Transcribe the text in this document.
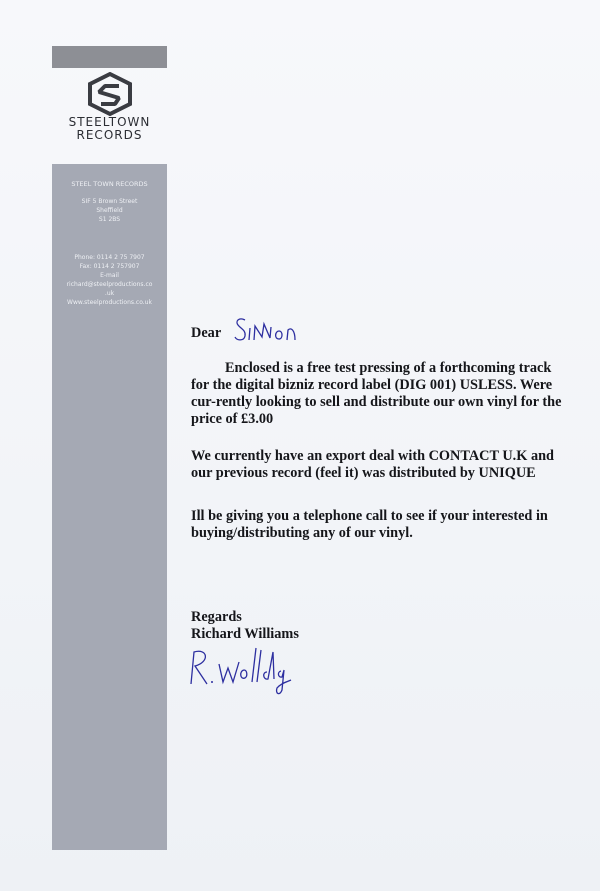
STEELTOWN
RECORDS
STEEL TOWN RECORDS
SIF 5 Brown Street
Sheffield
S1 2BS
Phone: 0114 2 75 7907
Fax: 0114 2 757907
E-mail
richard@steelproductions.co
.uk
Www.steelproductions.co.uk
Dear

Enclosed is a free test pressing of a forthcoming track for the digital bizniz record label (DIG 001) USLESS. Were cur-rently looking to sell and distribute our own vinyl for the price of £3.00

We currently have an export deal with CONTACT U.K and our previous record (feel it) was distributed by UNIQUE

Ill be giving you a telephone call to see if your interested in buying/distributing any of our vinyl.

Regards
Richard Williams
